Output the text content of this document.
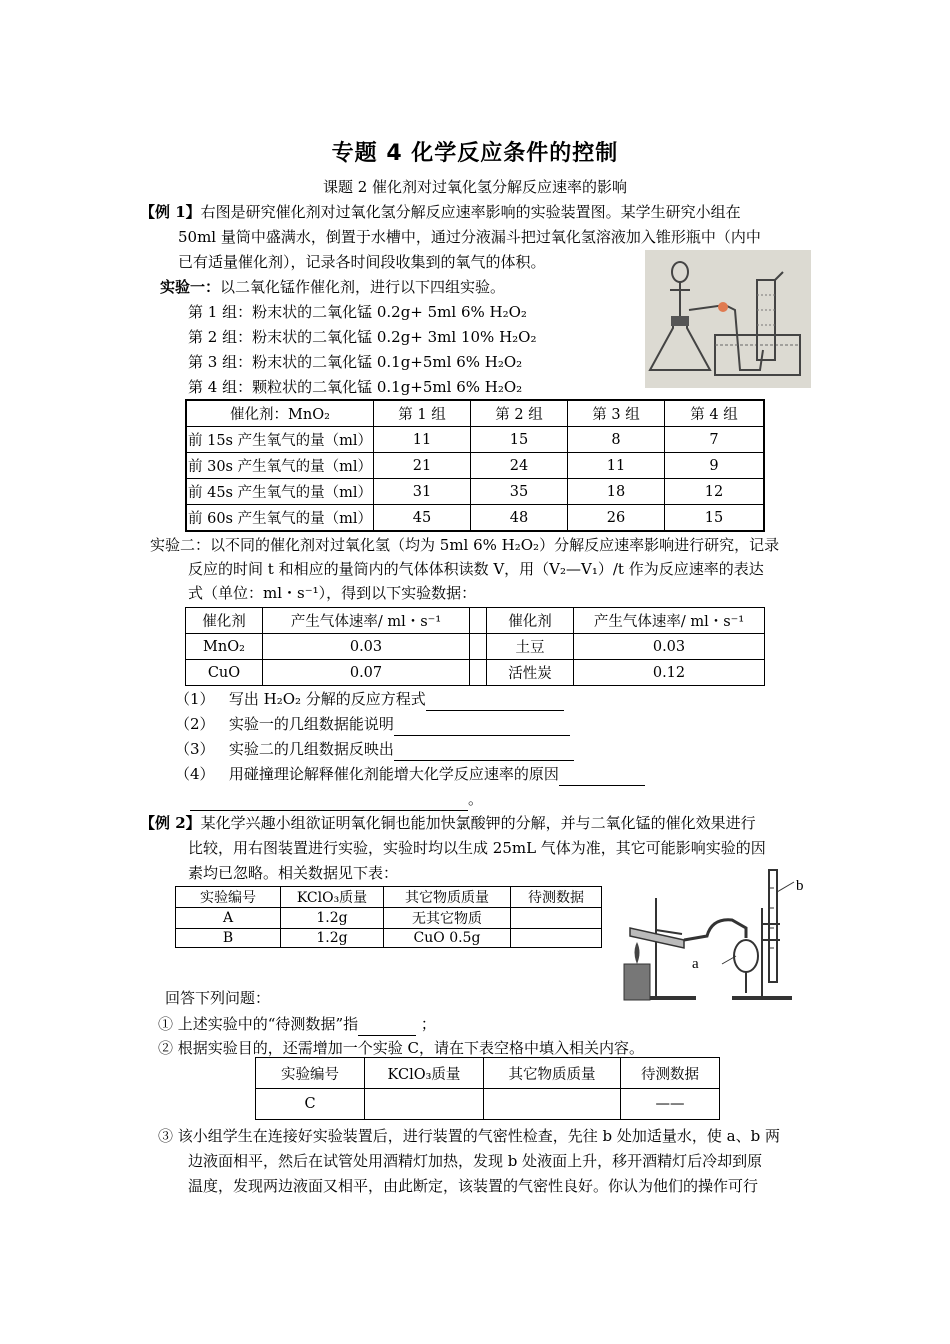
专题 4 化学反应条件的控制
课题 2 催化剂对过氧化氢分解反应速率的影响
【例 1】右图是研究催化剂对过氧化氢分解反应速率影响的实验装置图。某学生研究小组在
50ml 量筒中盛满水，倒置于水槽中，通过分液漏斗把过氧化氢溶液加入锥形瓶中（内中
已有适量催化剂），记录各时间段收集到的氧气的体积。
实验一：以二氧化锰作催化剂，进行以下四组实验。
第 1 组：粉末状的二氧化锰 0.2g+ 5ml 6% H₂O₂
第 2 组：粉末状的二氧化锰 0.2g+ 3ml 10% H₂O₂
第 3 组：粉末状的二氧化锰 0.1g+5ml 6% H₂O₂
第 4 组：颗粒状的二氧化锰 0.1g+5ml 6% H₂O₂
催化剂：MnO₂	第 1 组	第 2 组	第 3 组	第 4 组
前 15s 产生氧气的量（ml）	11	15	8	7
前 30s 产生氧气的量（ml）	21	24	11	9
前 45s 产生氧气的量（ml）	31	35	18	12
前 60s 产生氧气的量（ml）	45	48	26	15
实验二：以不同的催化剂对过氧化氢（均为 5ml 6% H₂O₂）分解反应速率影响进行研究，记录
反应的时间 t 和相应的量筒内的气体体积读数 V，用（V₂—V₁）/t 作为反应速率的表达
式（单位：ml・s⁻¹），得到以下实验数据：
催化剂	产生气体速率/ ml・s⁻¹		催化剂	产生气体速率/ ml・s⁻¹
MnO₂	0.03		土豆	0.03
CuO	0.07		活性炭	0.12
（1） 写出 H₂O₂ 分解的反应方程式
（2） 实验一的几组数据能说明
（3） 实验二的几组数据反映出
（4） 用碰撞理论解释催化剂能增大化学反应速率的原因
。
【例 2】某化学兴趣小组欲证明氧化铜也能加快氯酸钾的分解，并与二氧化锰的催化效果进行
比较，用右图装置进行实验，实验时均以生成 25mL 气体为准，其它可能影响实验的因
素均已忽略。相关数据见下表：
实验编号	KClO₃质量	其它物质质量	待测数据
A	1.2g	无其它物质	
B	1.2g	CuO 0.5g	
b
a
回答下列问题：
① 上述实验中的“待测数据”指	；
② 根据实验目的，还需增加一个实验 C，请在下表空格中填入相关内容。
实验编号	KClO₃质量	其它物质质量	待测数据
C			——
③ 该小组学生在连接好实验装置后，进行装置的气密性检查，先往 b 处加适量水，使 a、b 两
边液面相平，然后在试管处用酒精灯加热，发现 b 处液面上升，移开酒精灯后冷却到原
温度，发现两边液面又相平，由此断定，该装置的气密性良好。你认为他们的操作可行
